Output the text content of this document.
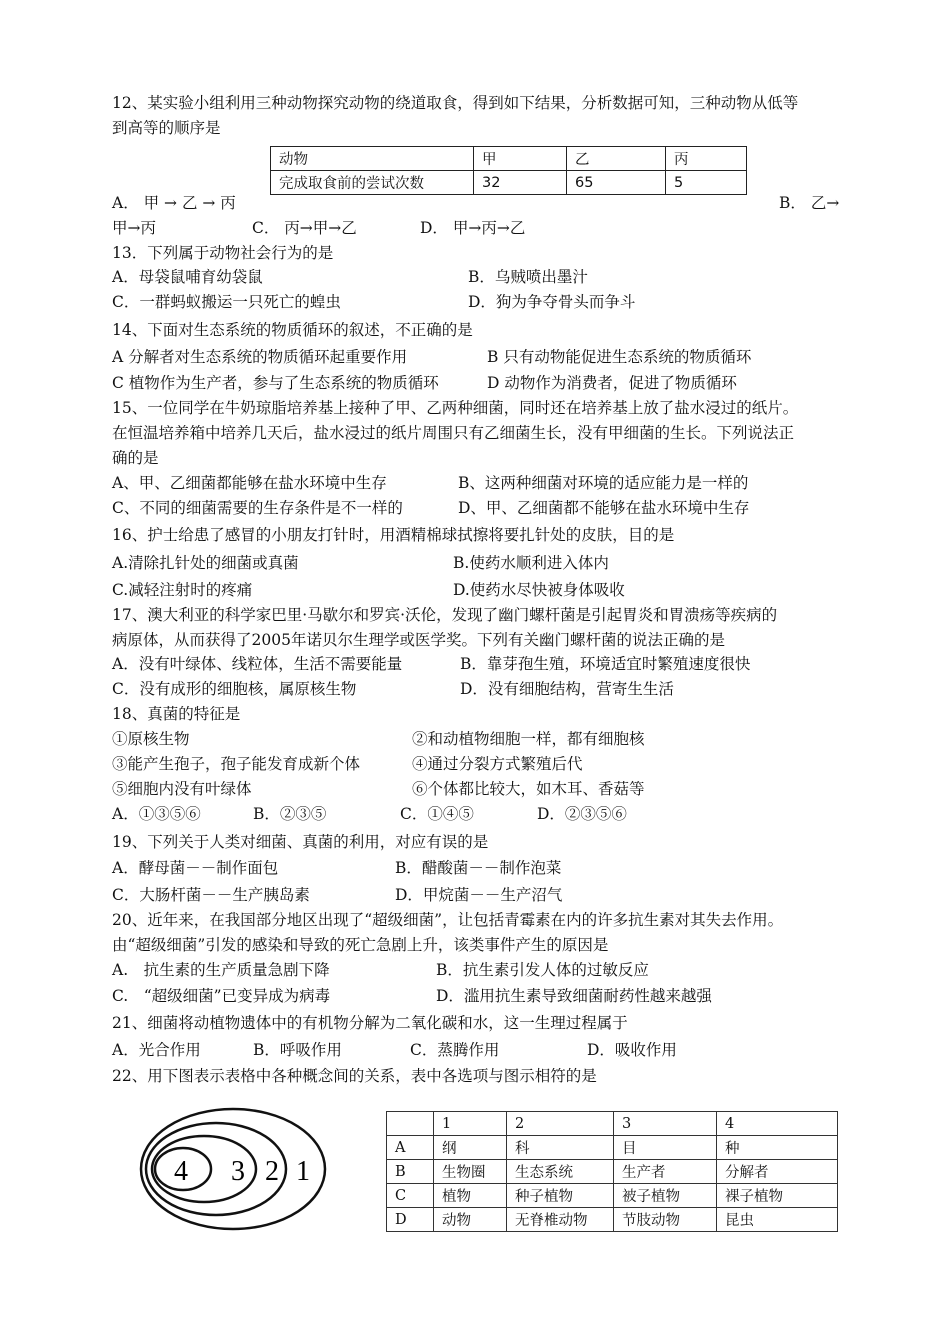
12、某实验小组利用三种动物探究动物的绕道取食，得到如下结果，分析数据可知，三种动物从低等
到高等的顺序是
动物	甲	乙	丙
完成取食前的尝试次数	32	65	5
A． 甲 → 乙 → 丙	B． 乙→
甲→丙	C． 丙→甲→乙	D． 甲→丙→乙
13．下列属于动物社会行为的是
A．母袋鼠哺育幼袋鼠	B．乌贼喷出墨汁
C．一群蚂蚁搬运一只死亡的蝗虫	D．狗为争夺骨头而争斗
14、下面对生态系统的物质循环的叙述，不正确的是
A 分解者对生态系统的物质循环起重要作用	B 只有动物能促进生态系统的物质循环
C 植物作为生产者，参与了生态系统的物质循环	D 动物作为消费者，促进了物质循环
15、一位同学在牛奶琼脂培养基上接种了甲、乙两种细菌，同时还在培养基上放了盐水浸过的纸片。
在恒温培养箱中培养几天后，盐水浸过的纸片周围只有乙细菌生长，没有甲细菌的生长。下列说法正
确的是
A、甲、乙细菌都能够在盐水环境中生存	B、这两种细菌对环境的适应能力是一样的
C、不同的细菌需要的生存条件是不一样的	D、甲、乙细菌都不能够在盐水环境中生存
16、护士给患了感冒的小朋友打针时，用酒精棉球拭擦将要扎针处的皮肤，目的是
A.清除扎针处的细菌或真菌	B.使药水顺利进入体内
C.减轻注射时的疼痛	D.使药水尽快被身体吸收
17、澳大利亚的科学家巴里·马歇尔和罗宾·沃伦，发现了幽门螺杆菌是引起胃炎和胃溃疡等疾病的
病原体，从而获得了2005年诺贝尔生理学或医学奖。下列有关幽门螺杆菌的说法正确的是
A．没有叶绿体、线粒体，生活不需要能量	B．靠芽孢生殖，环境适宜时繁殖速度很快
C．没有成形的细胞核，属原核生物	D．没有细胞结构，营寄生生活
18、真菌的特征是
①原核生物	②和动植物细胞一样，都有细胞核
③能产生孢子，孢子能发育成新个体	④通过分裂方式繁殖后代
⑤细胞内没有叶绿体	⑥个体都比较大，如木耳、香菇等
A．①③⑤⑥	B．②③⑤	C．①④⑤	D．②③⑤⑥
19、下列关于人类对细菌、真菌的利用，对应有误的是
A．酵母菌－－制作面包	B．醋酸菌－－制作泡菜
C．大肠杆菌－－生产胰岛素	D．甲烷菌－－生产沼气
20、近年来，在我国部分地区出现了“超级细菌”，让包括青霉素在内的许多抗生素对其失去作用。
由“超级细菌”引发的感染和导致的死亡急剧上升，该类事件产生的原因是
A.　抗生素的生产质量急剧下降	B．抗生素引发人体的过敏反应
C.　“超级细菌”已变异成为病毒	D．滥用抗生素导致细菌耐药性越来越强
21、细菌将动植物遗体中的有机物分解为二氧化碳和水，这一生理过程属于
A．光合作用	B．呼吸作用	C．蒸腾作用	D．吸收作用
22、用下图表示表格中各种概念间的关系，表中各选项与图示相符的是
4 3 2 1
	1	2	3	4
A	纲	科	目	种
B	生物圈	生态系统	生产者	分解者
C	植物	种子植物	被子植物	裸子植物
D	动物	无脊椎动物	节肢动物	昆虫
